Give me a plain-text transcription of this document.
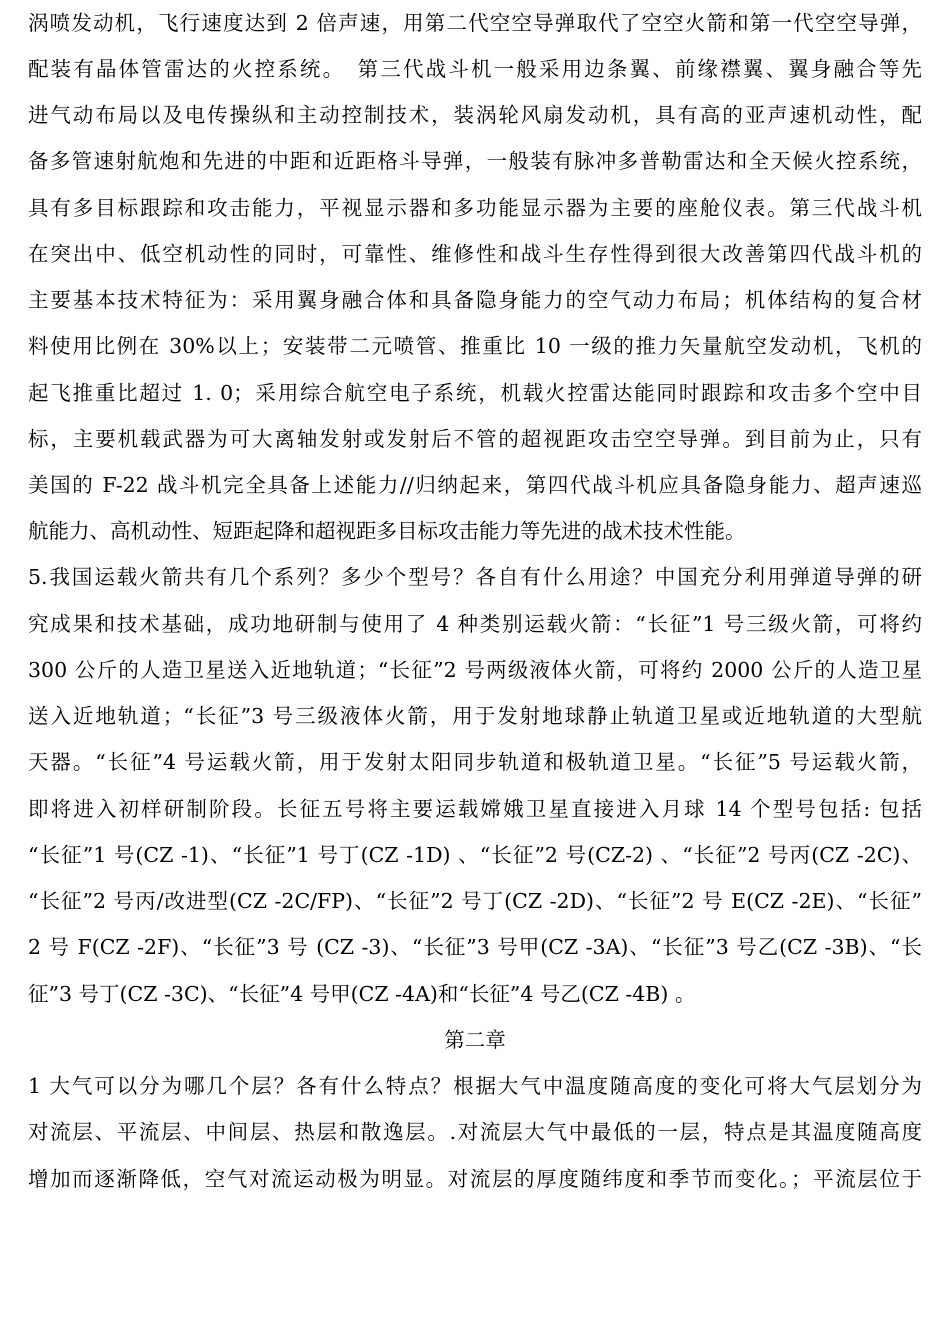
涡喷发动机，飞行速度达到 2 倍声速，用第二代空空导弹取代了空空火箭和第一代空空导弹，
配装有晶体管雷达的火控系统。　第三代战斗机一般采用边条翼、前缘襟翼、翼身融合等先
进气动布局以及电传操纵和主动控制技术，装涡轮风扇发动机，具有高的亚声速机动性，配
备多管速射航炮和先进的中距和近距格斗导弹，一般装有脉冲多普勒雷达和全天候火控系统，
具有多目标跟踪和攻击能力，平视显示器和多功能显示器为主要的座舱仪表。第三代战斗机
在突出中、低空机动性的同时，可靠性、维修性和战斗生存性得到很大改善第四代战斗机的
主要基本技术特征为：采用翼身融合体和具备隐身能力的空气动力布局；机体结构的复合材
料使用比例在 30%以上；安装带二元喷管、推重比 10 一级的推力矢量航空发动机，飞机的
起飞推重比超过 1. 0；采用综合航空电子系统，机载火控雷达能同时跟踪和攻击多个空中目
标，主要机载武器为可大离轴发射或发射后不管的超视距攻击空空导弹。到目前为止，只有
美国的 F-22 战斗机完全具备上述能力//归纳起来，第四代战斗机应具备隐身能力、超声速巡
航能力、高机动性、短距起降和超视距多目标攻击能力等先进的战术技术性能。
5.我国运载火箭共有几个系列？多少个型号？各自有什么用途？中国充分利用弹道导弹的研
究成果和技术基础，成功地研制与使用了 4 种类别运载火箭：“长征”1 号三级火箭，可将约
300 公斤的人造卫星送入近地轨道；“长征”2 号两级液体火箭，可将约 2000 公斤的人造卫星
送入近地轨道；“长征”3 号三级液体火箭，用于发射地球静止轨道卫星或近地轨道的大型航
天器。“长征”4 号运载火箭，用于发射太阳同步轨道和极轨道卫星。“长征”5 号运载火箭，
即将进入初样研制阶段。长征五号将主要运载嫦娥卫星直接进入月球 14 个型号包括: 包括
“长征”1 号(CZ -1)、“长征”1 号丁(CZ -1D) 、“长征”2 号(CZ-2) 、“长征”2 号丙(CZ -2C)、
“长征”2 号丙/改进型(CZ -2C/FP)、“长征”2 号丁(CZ -2D)、“长征”2 号 E(CZ -2E)、“长征”
2 号 F(CZ -2F)、“长征”3 号 (CZ -3)、“长征”3 号甲(CZ -3A)、“长征”3 号乙(CZ -3B)、“长
征”3 号丁(CZ -3C)、“长征”4 号甲(CZ -4A)和“长征”4 号乙(CZ -4B) 。
第二章
1 大气可以分为哪几个层？各有什么特点？根据大气中温度随高度的变化可将大气层划分为
对流层、平流层、中间层、热层和散逸层。.对流层大气中最低的一层，特点是其温度随高度
增加而逐渐降低，空气对流运动极为明显。对流层的厚度随纬度和季节而变化。；平流层位于
